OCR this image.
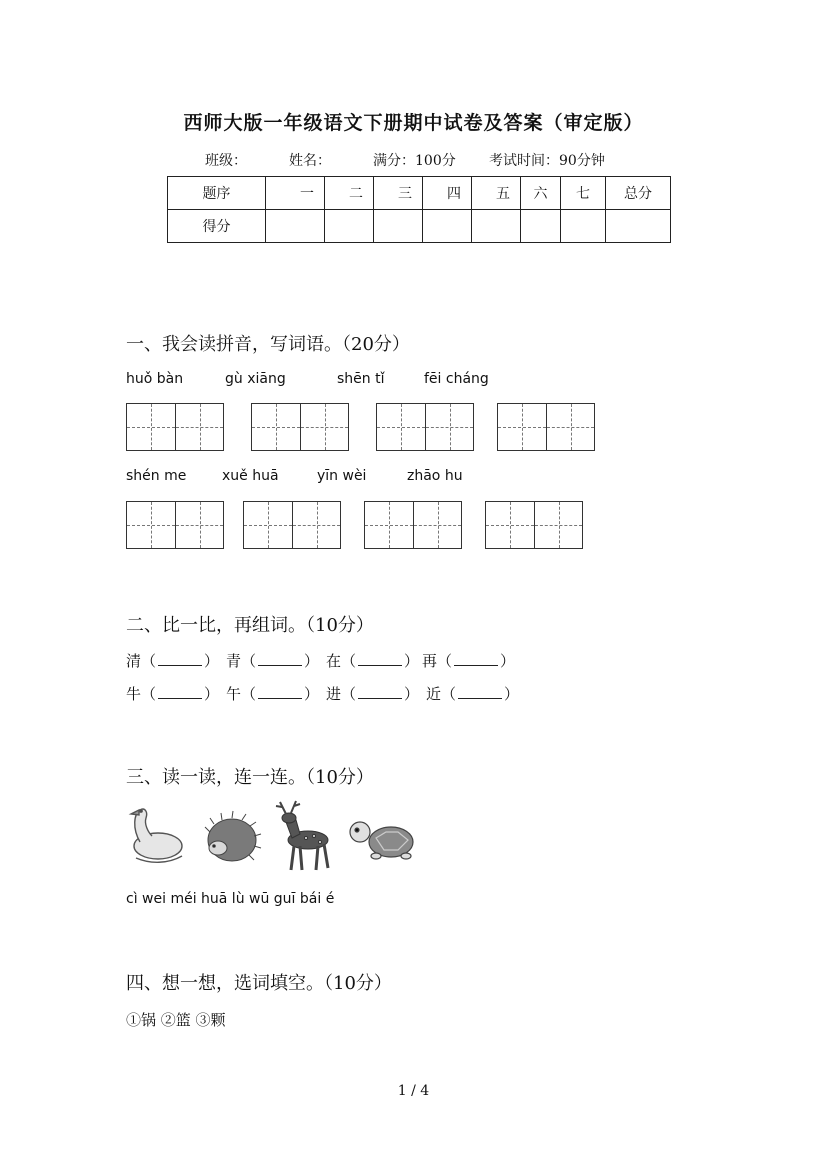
西师大版一年级语文下册期中试卷及答案（审定版）
班级：	姓名：	满分：100分 考试时间：90分钟
题序	一	二	三	四	五	六	七	总分
得分								
一、我会读拼音，写词语。（20分）
huǒ bàn	gù xiāng	shēn tǐ	fēi cháng
shén me	xuě huā	yīn wèi	zhāo hu
二、比一比，再组词。（10分）
清（	） 青（	） 在（	） 再（	）
牛（	） 午（	） 进（	） 近（	）
三、读一读，连一连。（10分）
cì wei méi huā lù wū guī bái é
四、想一想，选词填空。（10分）
①锅 ②篮 ③颗
1 / 4
